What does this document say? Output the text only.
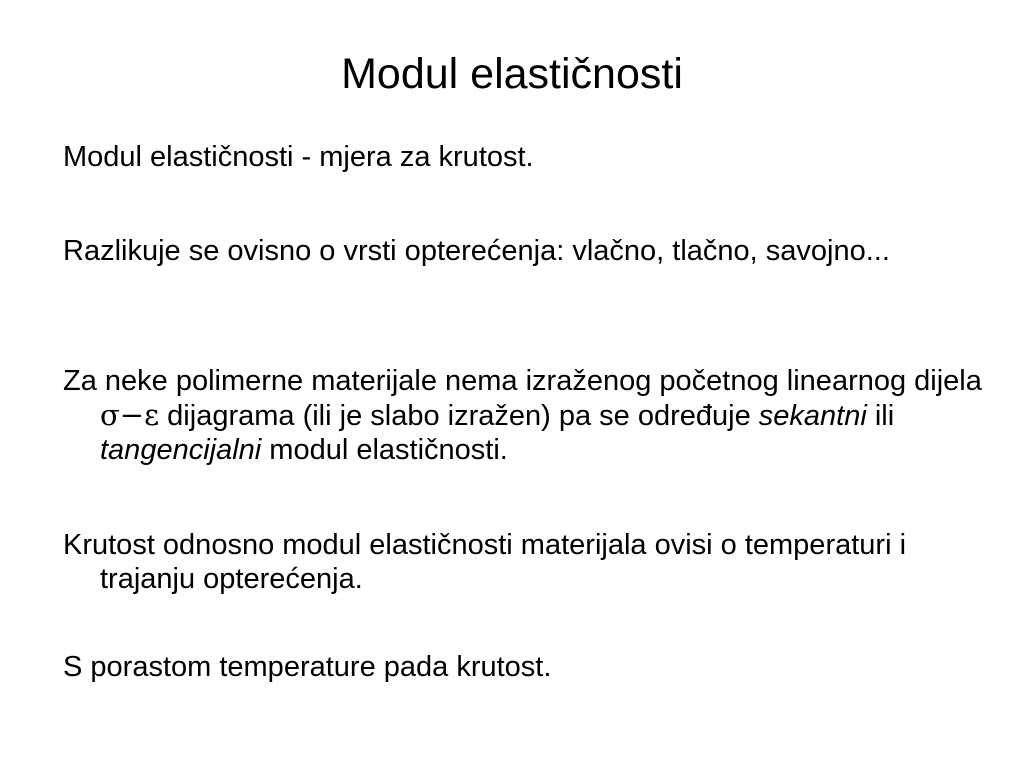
Modul elastičnosti

Modul elastičnosti - mjera za krutost.

Razlikuje se ovisno o vrsti opterećenja: vlačno, tlačno, savojno...

Za neke polimerne materijale nema izraženog početnog linearnog dijela σ−ε dijagrama (ili je slabo izražen) pa se određuje sekantni ili tangencijalni modul elastičnosti.

Krutost odnosno modul elastičnosti materijala ovisi o temperaturi i trajanju opterećenja.

S porastom temperature pada krutost.
